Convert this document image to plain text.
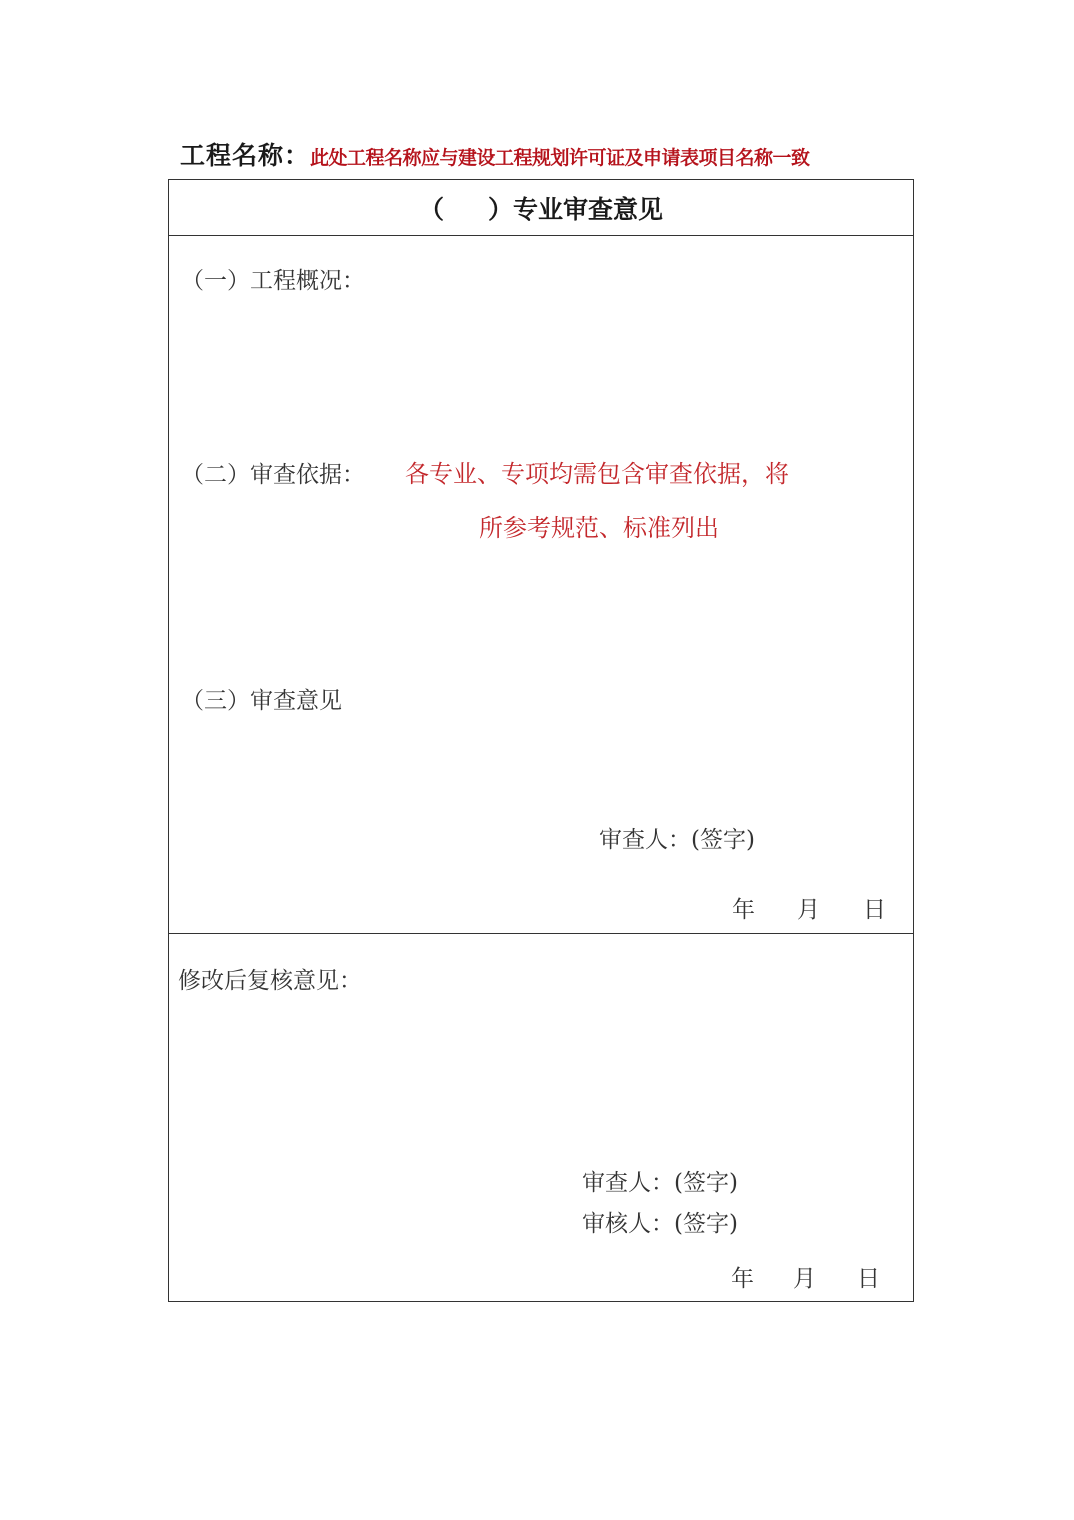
工程名称： 此处工程名称应与建设工程规划许可证及申请表项目名称一致
（ ） 专业审查意见
（一）工程概况：
（二）审查依据： 各专业、专项均需包含审查依据，将
所参考规范、标准列出
（三）审查意见
审查人：(签字)
年 月 日
修改后复核意见：
审查人：(签字)
审核人：(签字)
年 月 日
